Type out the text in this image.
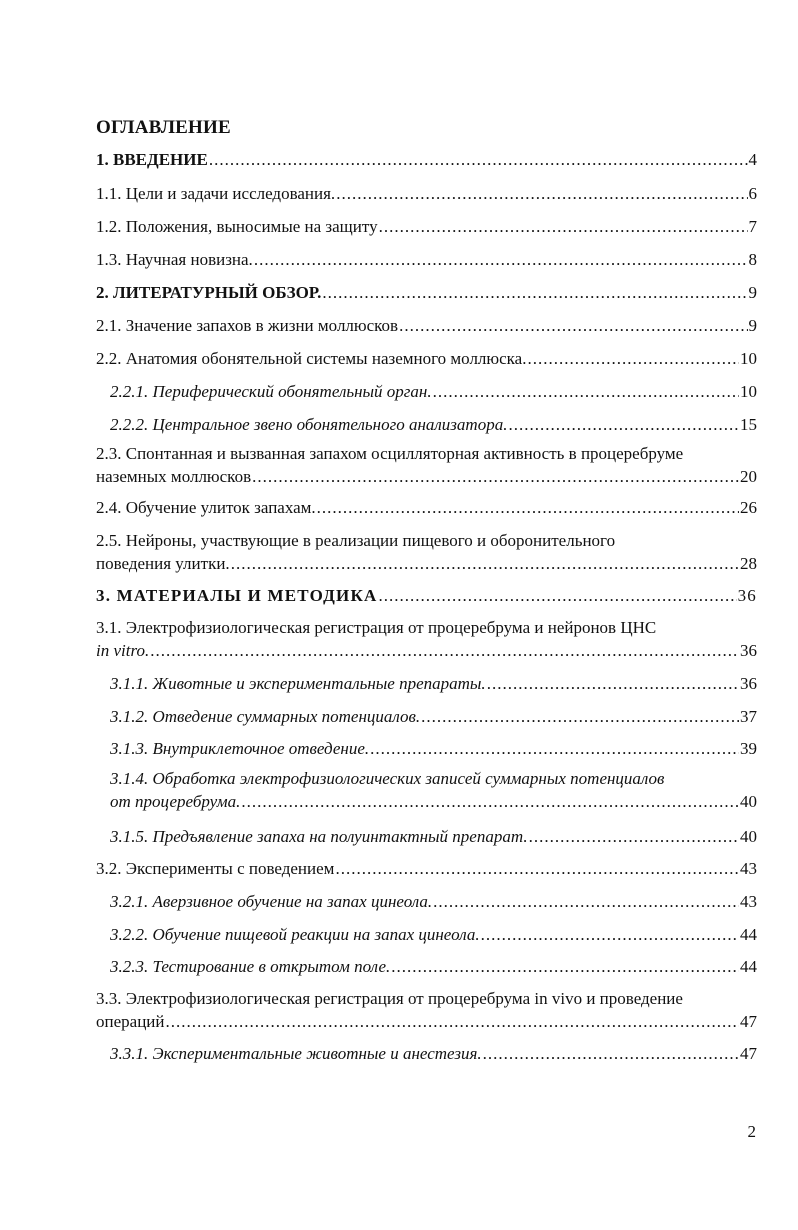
ОГЛАВЛЕНИЕ
1. ВВЕДЕНИЕ .....	4
1.1. Цели и задачи исследования. .....	6
1.2. Положения, выносимые на защиту .....	7
1.3. Научная новизна. .....	8
2. ЛИТЕРАТУРНЫЙ ОБЗОР. .....	9
2.1. Значение запахов в жизни моллюсков .....	9
2.2. Анатомия обонятельной системы наземного моллюска. .....	10
2.2.1. Периферический обонятельный орган. .....	10
2.2.2. Центральное звено обонятельного анализатора. .....	15
2.3. Спонтанная и вызванная запахом осцилляторная активность в процеребруме
наземных моллюсков .....	20
2.4. Обучение улиток запахам. .....	26
2.5. Нейроны, участвующие в реализации пищевого и оборонительного
поведения улитки. .....	28
3. МАТЕРИАЛЫ И МЕТОДИКА .....	36
3.1. Электрофизиологическая регистрация от процеребрума и нейронов ЦНС
in vitro. .....	36
3.1.1. Животные и экспериментальные препараты. .....	36
3.1.2. Отведение суммарных потенциалов. .....	37
3.1.3. Внутриклеточное отведение. .....	39
3.1.4. Обработка электрофизиологических записей суммарных потенциалов
от процеребрума. .....	40
3.1.5. Предъявление запаха на полуинтактный препарат. .....	40
3.2. Эксперименты с поведением .....	43
3.2.1. Аверзивное обучение на запах цинеола. .....	43
3.2.2. Обучение пищевой реакции на запах цинеола. .....	44
3.2.3. Тестирование в открытом поле. .....	44
3.3. Электрофизиологическая регистрация от процеребрума in vivo и проведение
операций .....	47
3.3.1. Экспериментальные животные и анестезия. .....	47
2
